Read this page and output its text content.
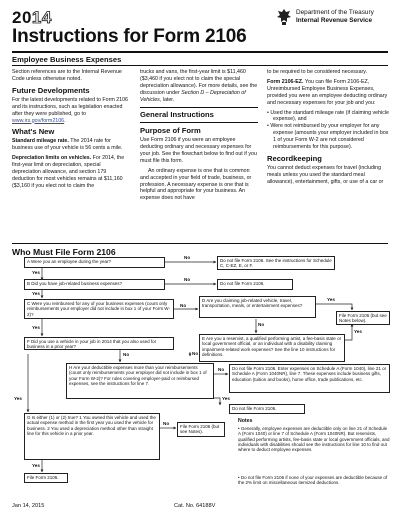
2014
Instructions for Form 2106
Employee Business Expenses
Department of the Treasury
Internal Revenue Service

Section references are to the Internal Revenue Code unless otherwise noted.

Future Developments

For the latest developments related to Form 2106 and its instructions, such as legislation enacted after they were published, go to www.irs.gov/form2106.

What's New

Standard mileage rate. The 2014 rate for business use of your vehicle is 56 cents a mile.

Depreciation limits on vehicles. For 2014, the first-year limit on depreciation, special depreciation allowance, and section 179 deduction for most vehicles remains at $11,160 ($3,160 if you elect not to claim the

trucks and vans, the first-year limit is $11,460 ($3,460 if you elect not to claim the special depreciation allowance). For more details, see the discussion under Section D – Depreciation of Vehicles, later.

General Instructions
Purpose of Form

Use Form 2106 if you were an employee deducting ordinary and necessary expenses for your job. See the flowchart below to find out if you must file this form.

An ordinary expense is one that is common and accepted in your field of trade, business, or profession. A necessary expense is one that is helpful and appropriate for your business. An expense does not have

to be required to be considered necessary.

Form 2106-EZ. You can file Form 2106-EZ, Unreimbursed Employee Business Expenses, provided you were an employee deducting ordinary and necessary expenses for your job and you:

• Used the standard mileage rate (if claiming vehicle expense), and

• Were not reimbursed by your employer for any expense (amounts your employer included in box 1 of your Form W-2 are not considered reimbursements for this purpose).

Recordkeeping

You cannot deduct expenses for travel (including meals unless you used the standard meal allowance), entertainment, gifts, or use of a car or

Who Must File Form 2106
A Were you an employee during the year?
No
Do not file Form 2106. See the instructions for Schedule C, C-EZ, E, or F.
Yes
B Did you have job-related business expenses?
No
Do not file Form 2106.
Yes
C Were you reimbursed for any of your business expenses (count only reimbursements your employer did not include in box 1 of your Form W-2)?
No
D Are you claiming job-related vehicle, travel, transportation, meals, or entertainment expenses?
Yes
File Form 2106 (but see Notes below).
No
E Are you a reservist, a qualified performing artist, a fee-basis state or local government official, or an individual with a disability claiming impairment-related work expenses? See the line 10 instructions for definitions.
Yes
Yes
F Did you use a vehicle in your job in 2014 that you also used for business in a prior year?
No	No
H Are your deductible expenses more than your reimbursements (count only reimbursements your employer did not include in box 1 of your Form W-2)? For rules covering employer-paid or reimbursed expenses, see the instructions for line 7.
No	Do not file Form 2106. Enter expenses on Schedule A (Form 1040), line 21 or Schedule A (Form 1040NR), line 7. These expenses include business gifts, education (tuition and books), home office, trade publications, etc.
Yes
Do not file Form 2106.
Yes
G Is either (1) or (2) true? 1 You owned this vehicle and used the actual expense method in the first year you used the vehicle for business. 2 You used a depreciation method other than straight line for this vehicle in a prior year.
No
File Form 2106 (but see Notes).
Yes
File Form 2106.
Notes
• Generally, employee expenses are deductible only on line 21 of Schedule A (Form 1040) or line 7 of Schedule A (Form 1040NR). But reservists, qualified performing artists, fee-basis state or local government officials, and individuals with disabilities should see the instructions for line 10 to find out where to deduct employee expenses.
• Do not file Form 2106 if none of your expenses are deductible because of the 2% limit on miscellaneous itemized deductions.
Jan 14, 2015	Cat. No. 64188V
